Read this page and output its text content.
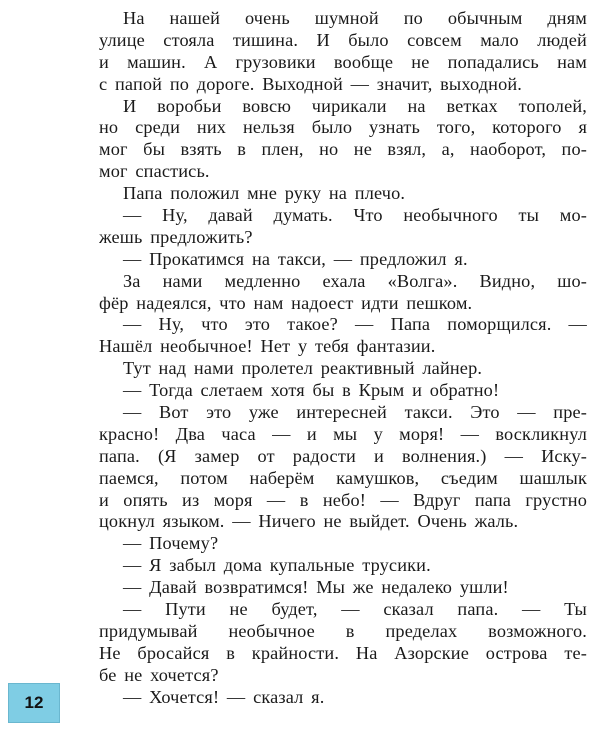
На нашей очень шумной по обычным дням
улице стояла тишина. И было совсем мало людей
и машин. А грузовики вообще не попадались нам
с папой по дороге. Выходной — значит, выходной.
И воробьи вовсю чирикали на ветках тополей,
но среди них нельзя было узнать того, которого я
мог бы взять в плен, но не взял, а, наоборот, по-
мог спастись.
Папа положил мне руку на плечо.
— Ну, давай думать. Что необычного ты мо-
жешь предложить?
— Прокатимся на такси, — предложил я.
За нами медленно ехала «Волга». Видно, шо-
фёр надеялся, что нам надоест идти пешком.
— Ну, что это такое? — Папа поморщился. —
Нашёл необычное! Нет у тебя фантазии.
Тут над нами пролетел реактивный лайнер.
— Тогда слетаем хотя бы в Крым и обратно!
— Вот это уже интересней такси. Это — пре-
красно! Два часа — и мы у моря! — воскликнул
папа. (Я замер от радости и волнения.) — Иску-
паемся, потом наберём камушков, съедим шашлык
и опять из моря — в небо! — Вдруг папа грустно
цокнул языком. — Ничего не выйдет. Очень жаль.
— Почему?
— Я забыл дома купальные трусики.
— Давай возвратимся! Мы же недалеко ушли!
— Пути не будет, — сказал папа. — Ты
придумывай необычное в пределах возможного.
Не бросайся в крайности. На Азорские острова те-
бе не хочется?
— Хочется! — сказал я.
12
